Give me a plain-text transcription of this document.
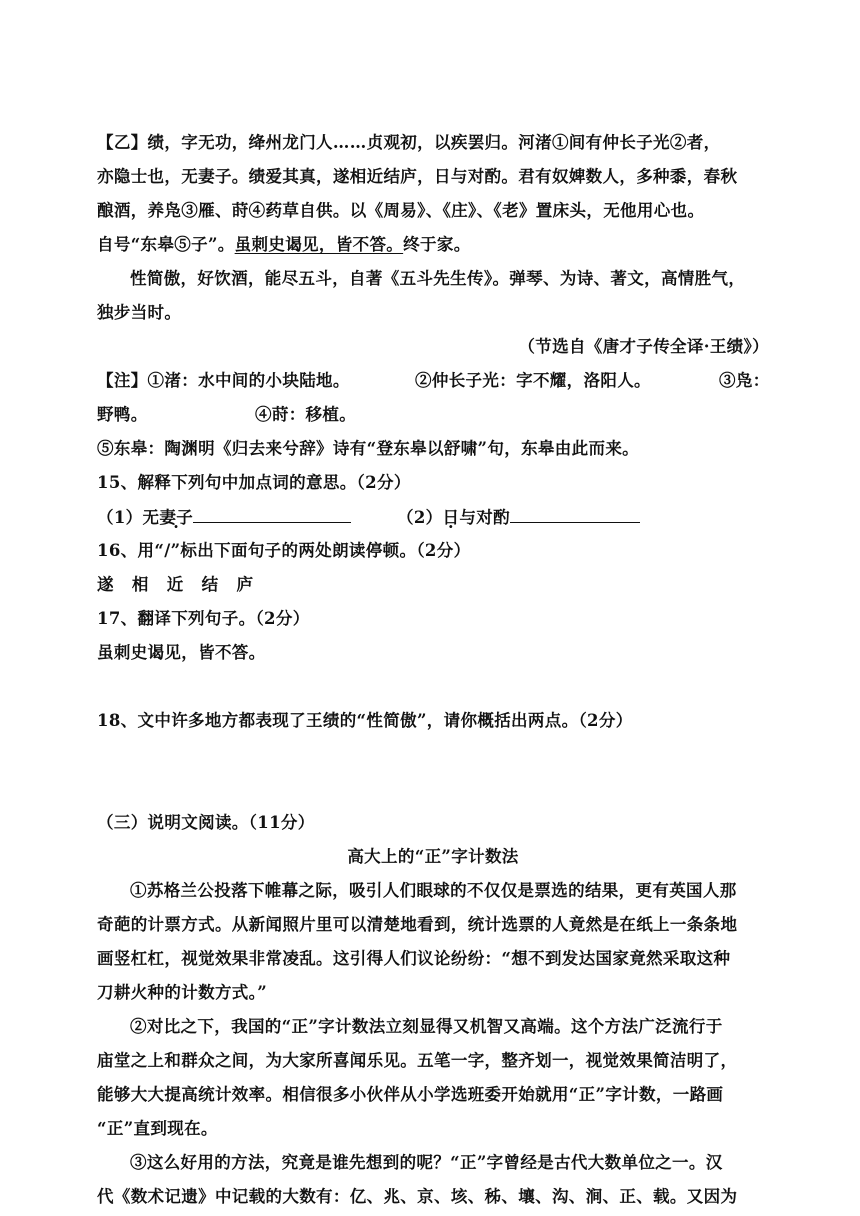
【乙】绩，字无功，绛州龙门人……贞观初，以疾罢归。河渚①间有仲长子光②者，
亦隐士也，无妻子。绩爱其真，遂相近结庐，日与对酌。君有奴婢数人，多种黍，春秋
酿酒，养凫③雁、莳④药草自供。以《周易》、《庄》、《老》置床头，无他用心也。
自号“东皋⑤子”。虽刺史谒见，皆不答。终于家。
性简傲，好饮酒，能尽五斗，自著《五斗先生传》。弹琴、为诗、著文，高情胜气，
独步当时。
（节选自《唐才子传全译·王绩》）
【注】①渚：水中间的小块陆地。	②仲长子光：字不耀，洛阳人。	③凫：
野鸭。	④莳：移植。
⑤东皋：陶渊明《归去来兮辞》诗有“登东皋以舒啸”句，东皋由此而来。
15、解释下列句中加点词的意思。（2分）
（1）无妻子	（2）日与对酌
16、用“/”标出下面句子的两处朗读停顿。（2分）
遂 相 近 结 庐
17、翻译下列句子。（2分）
虽刺史谒见，皆不答。
18、文中许多地方都表现了王绩的“性简傲”，请你概括出两点。（2分）
（三）说明文阅读。（11分）
高大上的“正”字计数法
①苏格兰公投落下帷幕之际，吸引人们眼球的不仅仅是票选的结果，更有英国人那
奇葩的计票方式。从新闻照片里可以清楚地看到，统计选票的人竟然是在纸上一条条地
画竖杠杠，视觉效果非常凌乱。这引得人们议论纷纷：“想不到发达国家竟然采取这种
刀耕火种的计数方式。”
②对比之下，我国的“正”字计数法立刻显得又机智又高端。这个方法广泛流行于
庙堂之上和群众之间，为大家所喜闻乐见。五笔一字，整齐划一，视觉效果简洁明了，
能够大大提高统计效率。相信很多小伙伴从小学选班委开始就用“正”字计数，一路画
“正”直到现在。
③这么好用的方法，究竟是谁先想到的呢？“正”字曾经是古代大数单位之一。汉
代《数术记遗》中记载的大数有：亿、兆、京、垓、秭、壤、沟、涧、正、载。又因为
